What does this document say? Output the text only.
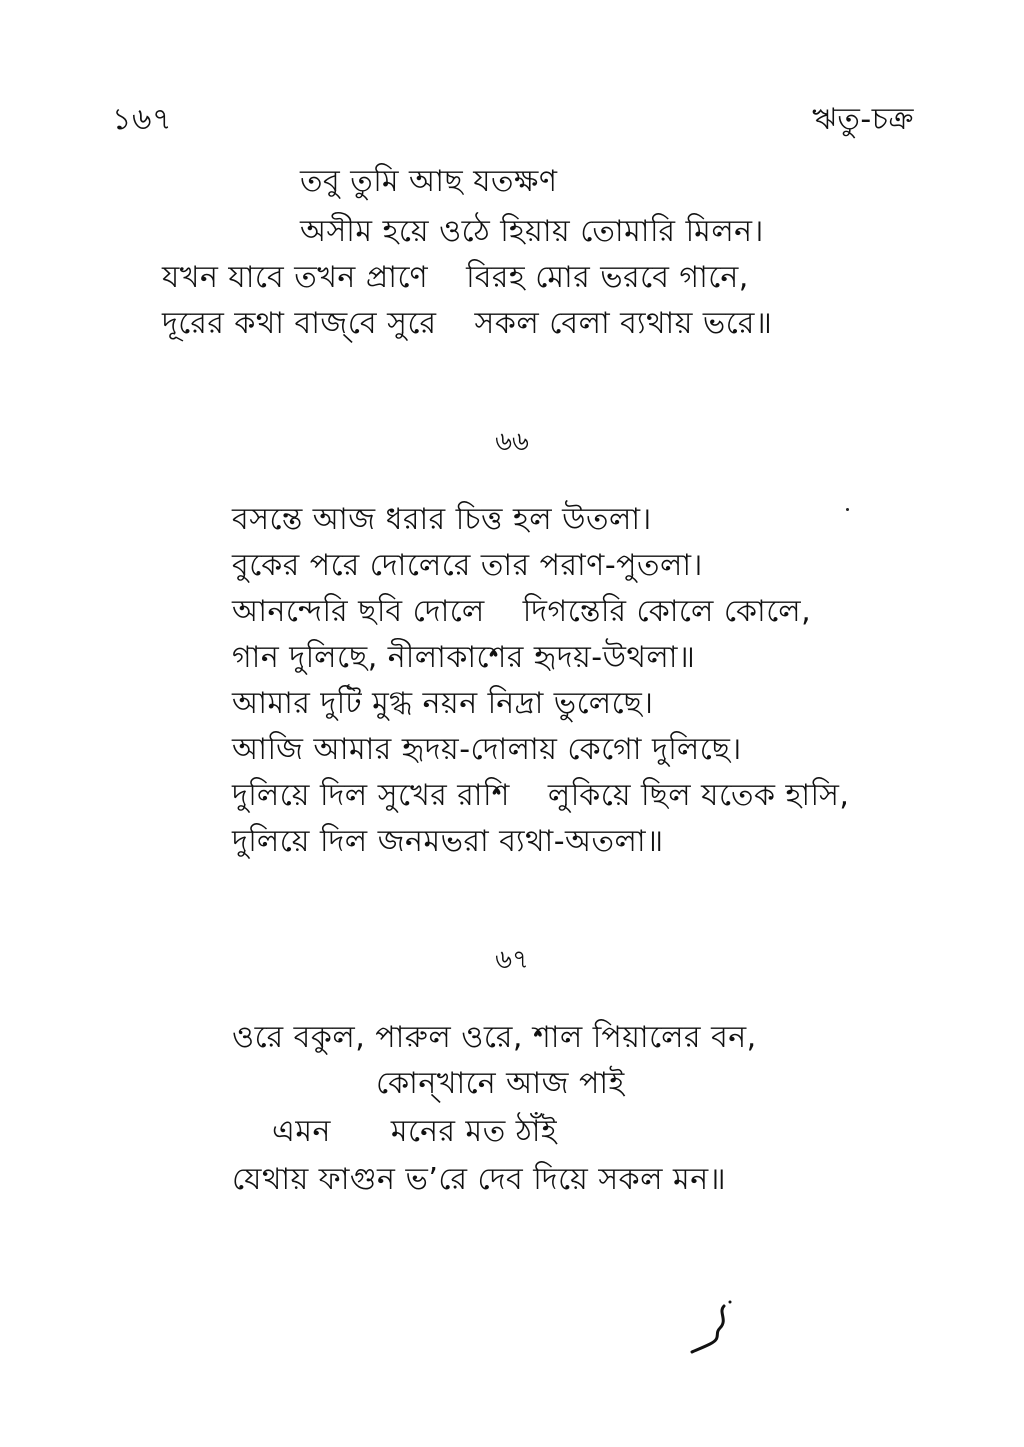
১৬৭	ঋতু-চক্র
তবু তুমি আছ যতক্ষণ
অসীম হয়ে ওঠে হিয়ায় তোমারি মিলন।
যখন যাবে তখন প্রাণে বিরহ মোর ভরবে গানে,
দূরের কথা বাজ্‌বে সুরে সকল বেলা ব্যথায় ভরে॥
৬৬
বসন্তে আজ ধরার চিত্ত হল উতলা।
বুকের পরে দোলেরে তার পরাণ-পুতলা।
আনন্দেরি ছবি দোলে দিগন্তেরি কোলে কোলে,
গান দুলিছে, নীলাকাশের হৃদয়-উথলা॥
আমার দুটি মুগ্ধ নয়ন নিদ্রা ভুলেছে।
আজি আমার হৃদয়-দোলায় কেগো দুলিছে।
দুলিয়ে দিল সুখের রাশি লুকিয়ে ছিল যতেক হাসি,
দুলিয়ে দিল জনমভরা ব্যথা-অতলা॥
৬৭
ওরে বকুল, পারুল ওরে, শাল পিয়ালের বন,
কোন্‌খানে আজ পাই
এমন মনের মত ঠাঁই
যেথায় ফাগুন ভ’রে দেব দিয়ে সকল মন॥
